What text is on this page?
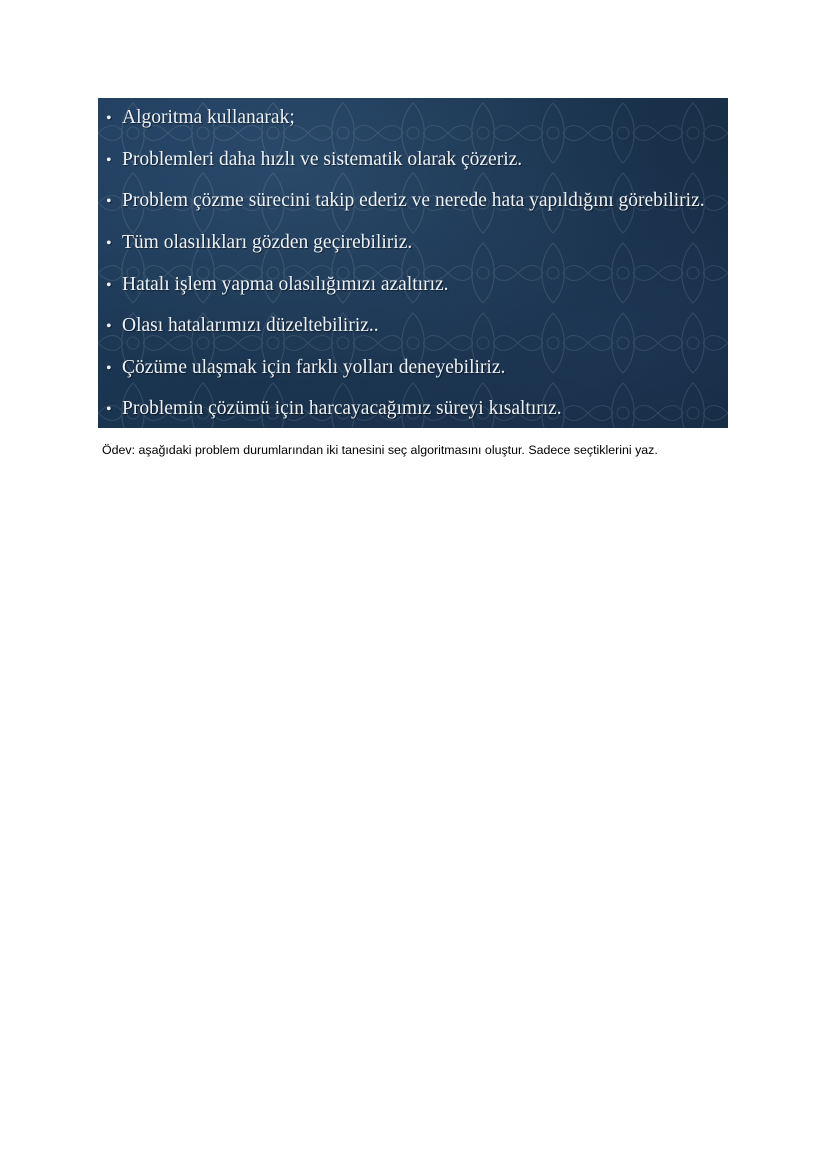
• Algoritma kullanarak;
• Problemleri daha hızlı ve sistematik olarak çözeriz.
• Problem çözme sürecini takip ederiz ve nerede hata yapıldığını görebiliriz.
• Tüm olasılıkları gözden geçirebiliriz.
• Hatalı işlem yapma olasılığımızı azaltırız.
• Olası hatalarımızı düzeltebiliriz..
• Çözüme ulaşmak için farklı yolları deneyebiliriz.
• Problemin çözümü için harcayacağımız süreyi kısaltırız.
Ödev: aşağıdaki problem durumlarından iki tanesini seç algoritmasını oluştur. Sadece seçtiklerini yaz.
